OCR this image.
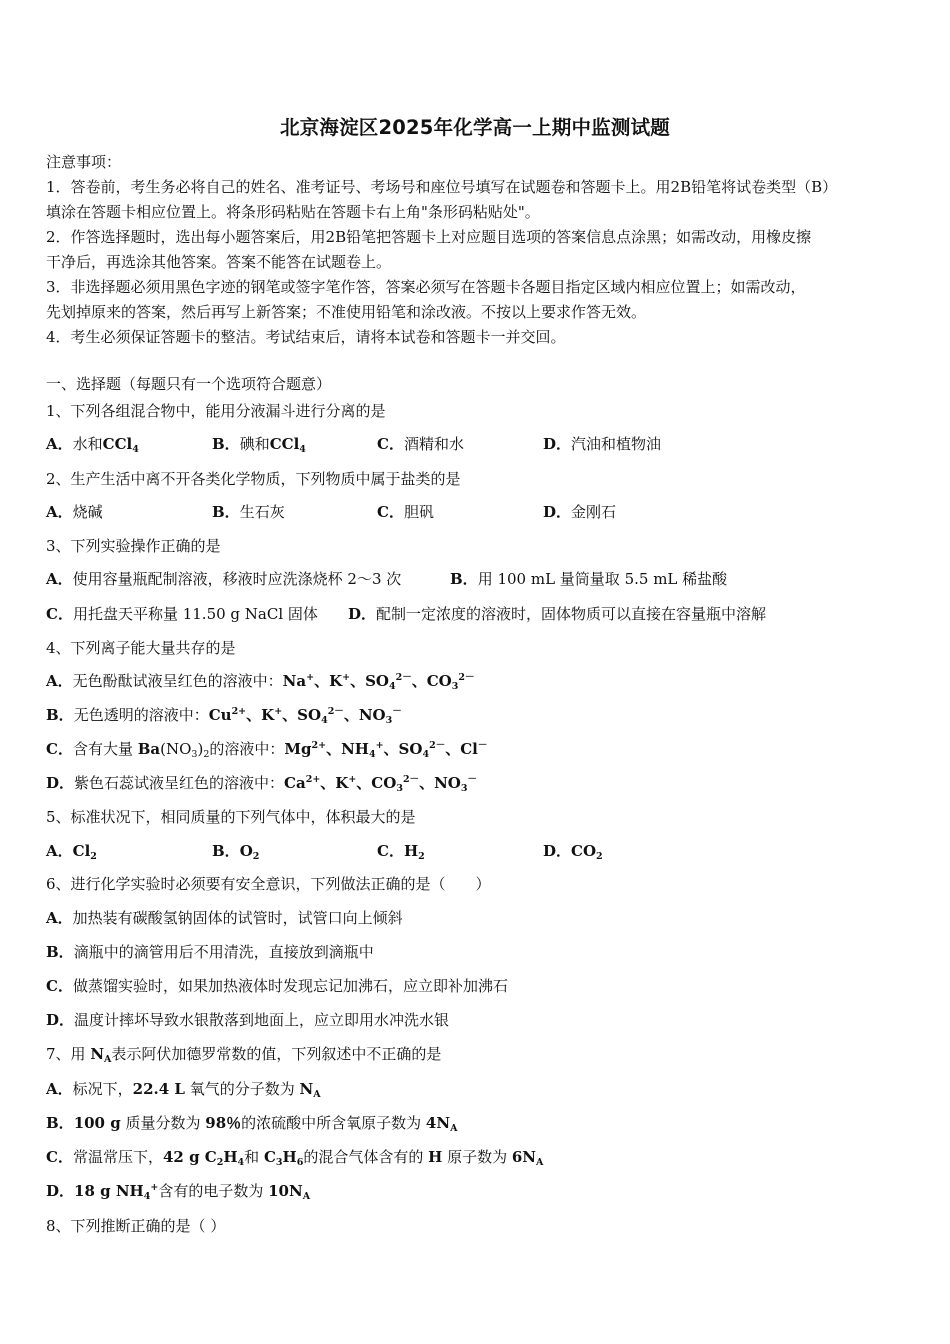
北京海淀区2025年化学高一上期中监测试题

注意事项：

1．答卷前，考生务必将自己的姓名、准考证号、考场号和座位号填写在试题卷和答题卡上。用2B铅笔将试卷类型（B）

填涂在答题卡相应位置上。将条形码粘贴在答题卡右上角"条形码粘贴处"。

2．作答选择题时，选出每小题答案后，用2B铅笔把答题卡上对应题目选项的答案信息点涂黑；如需改动，用橡皮擦

干净后，再选涂其他答案。答案不能答在试题卷上。

3．非选择题必须用黑色字迹的钢笔或签字笔作答，答案必须写在答题卡各题目指定区域内相应位置上；如需改动，

先划掉原来的答案，然后再写上新答案；不准使用铅笔和涂改液。不按以上要求作答无效。

4．考生必须保证答题卡的整洁。考试结束后，请将本试卷和答题卡一并交回。

一、选择题（每题只有一个选项符合题意）
1、下列各组混合物中，能用分液漏斗进行分离的是
2、生产生活中离不开各类化学物质，下列物质中属于盐类的是
3、下列实验操作正确的是
4、下列离子能大量共存的是
5、标准状况下，相同质量的下列气体中，体积最大的是
6、进行化学实验时必须要有安全意识，下列做法正确的是（　　）
7、用 $N_A$表示阿伏加德罗常数的值，下列叙述中不正确的是
8、下列推断正确的是（ ）
A．水和CCl$_4$	B．碘和CCl$_4$	C．酒精和水	D．汽油和植物油
A．烧碱	B．生石灰	C．胆矾	D．金刚石
A．使用容量瓶配制溶液，移液时应洗涤烧杯 2～3 次	B．用 100 mL 量筒量取 5.5 mL 稀盐酸
C．用托盘天平称量 11.50 g NaCl 固体 D．配制一定浓度的溶液时，固体物质可以直接在容量瓶中溶解
A．无色酚酞试液呈红色的溶液中：Na+、K+、$SO_4^{2-}$、$CO_3^{2-}$
B．无色透明的溶液中：$Cu^{2+}$、K+、$SO_4^{2-}$、$NO_3^-$
C．含有大量 $Ba(NO_3)_2$的溶液中：$Mg^{2+}$、$NH_4^+$、$SO_4^{2-}$、Cl－
D．紫色石蕊试液呈红色的溶液中：$Ca^{2+}$、K+、$CO_3^{2-}$、$NO_3^-$
A．$Cl_2$	B．$O_2$	C．$H_2$	D．$CO_2$
A．加热装有碳酸氢钠固体的试管时，试管口向上倾斜
B．滴瓶中的滴管用后不用清洗，直接放到滴瓶中
C．做蒸馏实验时，如果加热液体时发现忘记加沸石，应立即补加沸石
D．温度计摔坏导致水银散落到地面上，应立即用水冲洗水银
A．标况下，22.4 L 氧气的分子数为 $N_A$
B．100 g 质量分数为 98％的浓硫酸中所含氧原子数为 $4N_A$
C．常温常压下，42 g $C_2H_4$和 $C_3H_6$的混合气体含有的 H 原子数为 $6N_A$
D．18 g $NH_4^+$含有的电子数为 $10N_A$
